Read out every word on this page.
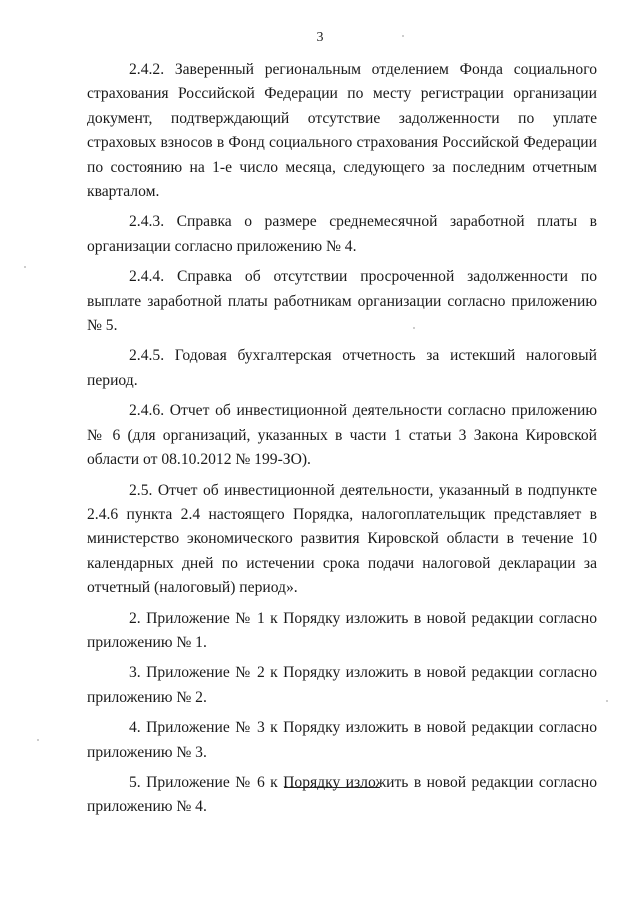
3

2.4.2. Заверенный региональным отделением Фонда социального страхования Российской Федерации по месту регистрации организации документ, подтверждающий отсутствие задолженности по уплате страховых взносов в Фонд социального страхования Российской Федерации по состоянию на 1-е число месяца, следующего за последним отчетным кварталом.

2.4.3. Справка о размере среднемесячной заработной платы в организации согласно приложению № 4.

2.4.4. Справка об отсутствии просроченной задолженности по выплате заработной платы работникам организации согласно приложению № 5.

2.4.5. Годовая бухгалтерская отчетность за истекший налоговый период.

2.4.6. Отчет об инвестиционной деятельности согласно приложению № 6 (для организаций, указанных в части 1 статьи 3 Закона Кировской области от 08.10.2012 № 199-ЗО).

2.5. Отчет об инвестиционной деятельности, указанный в подпункте 2.4.6 пункта 2.4 настоящего Порядка, налогоплательщик представляет в министерство экономического развития Кировской области в течение 10 календарных дней по истечении срока подачи налоговой декларации за отчетный (налоговый) период».

2. Приложение № 1 к Порядку изложить в новой редакции согласно приложению № 1.

3. Приложение № 2 к Порядку изложить в новой редакции согласно приложению № 2.

4. Приложение № 3 к Порядку изложить в новой редакции согласно приложению № 3.

5. Приложение № 6 к Порядку изложить в новой редакции согласно приложению № 4.
